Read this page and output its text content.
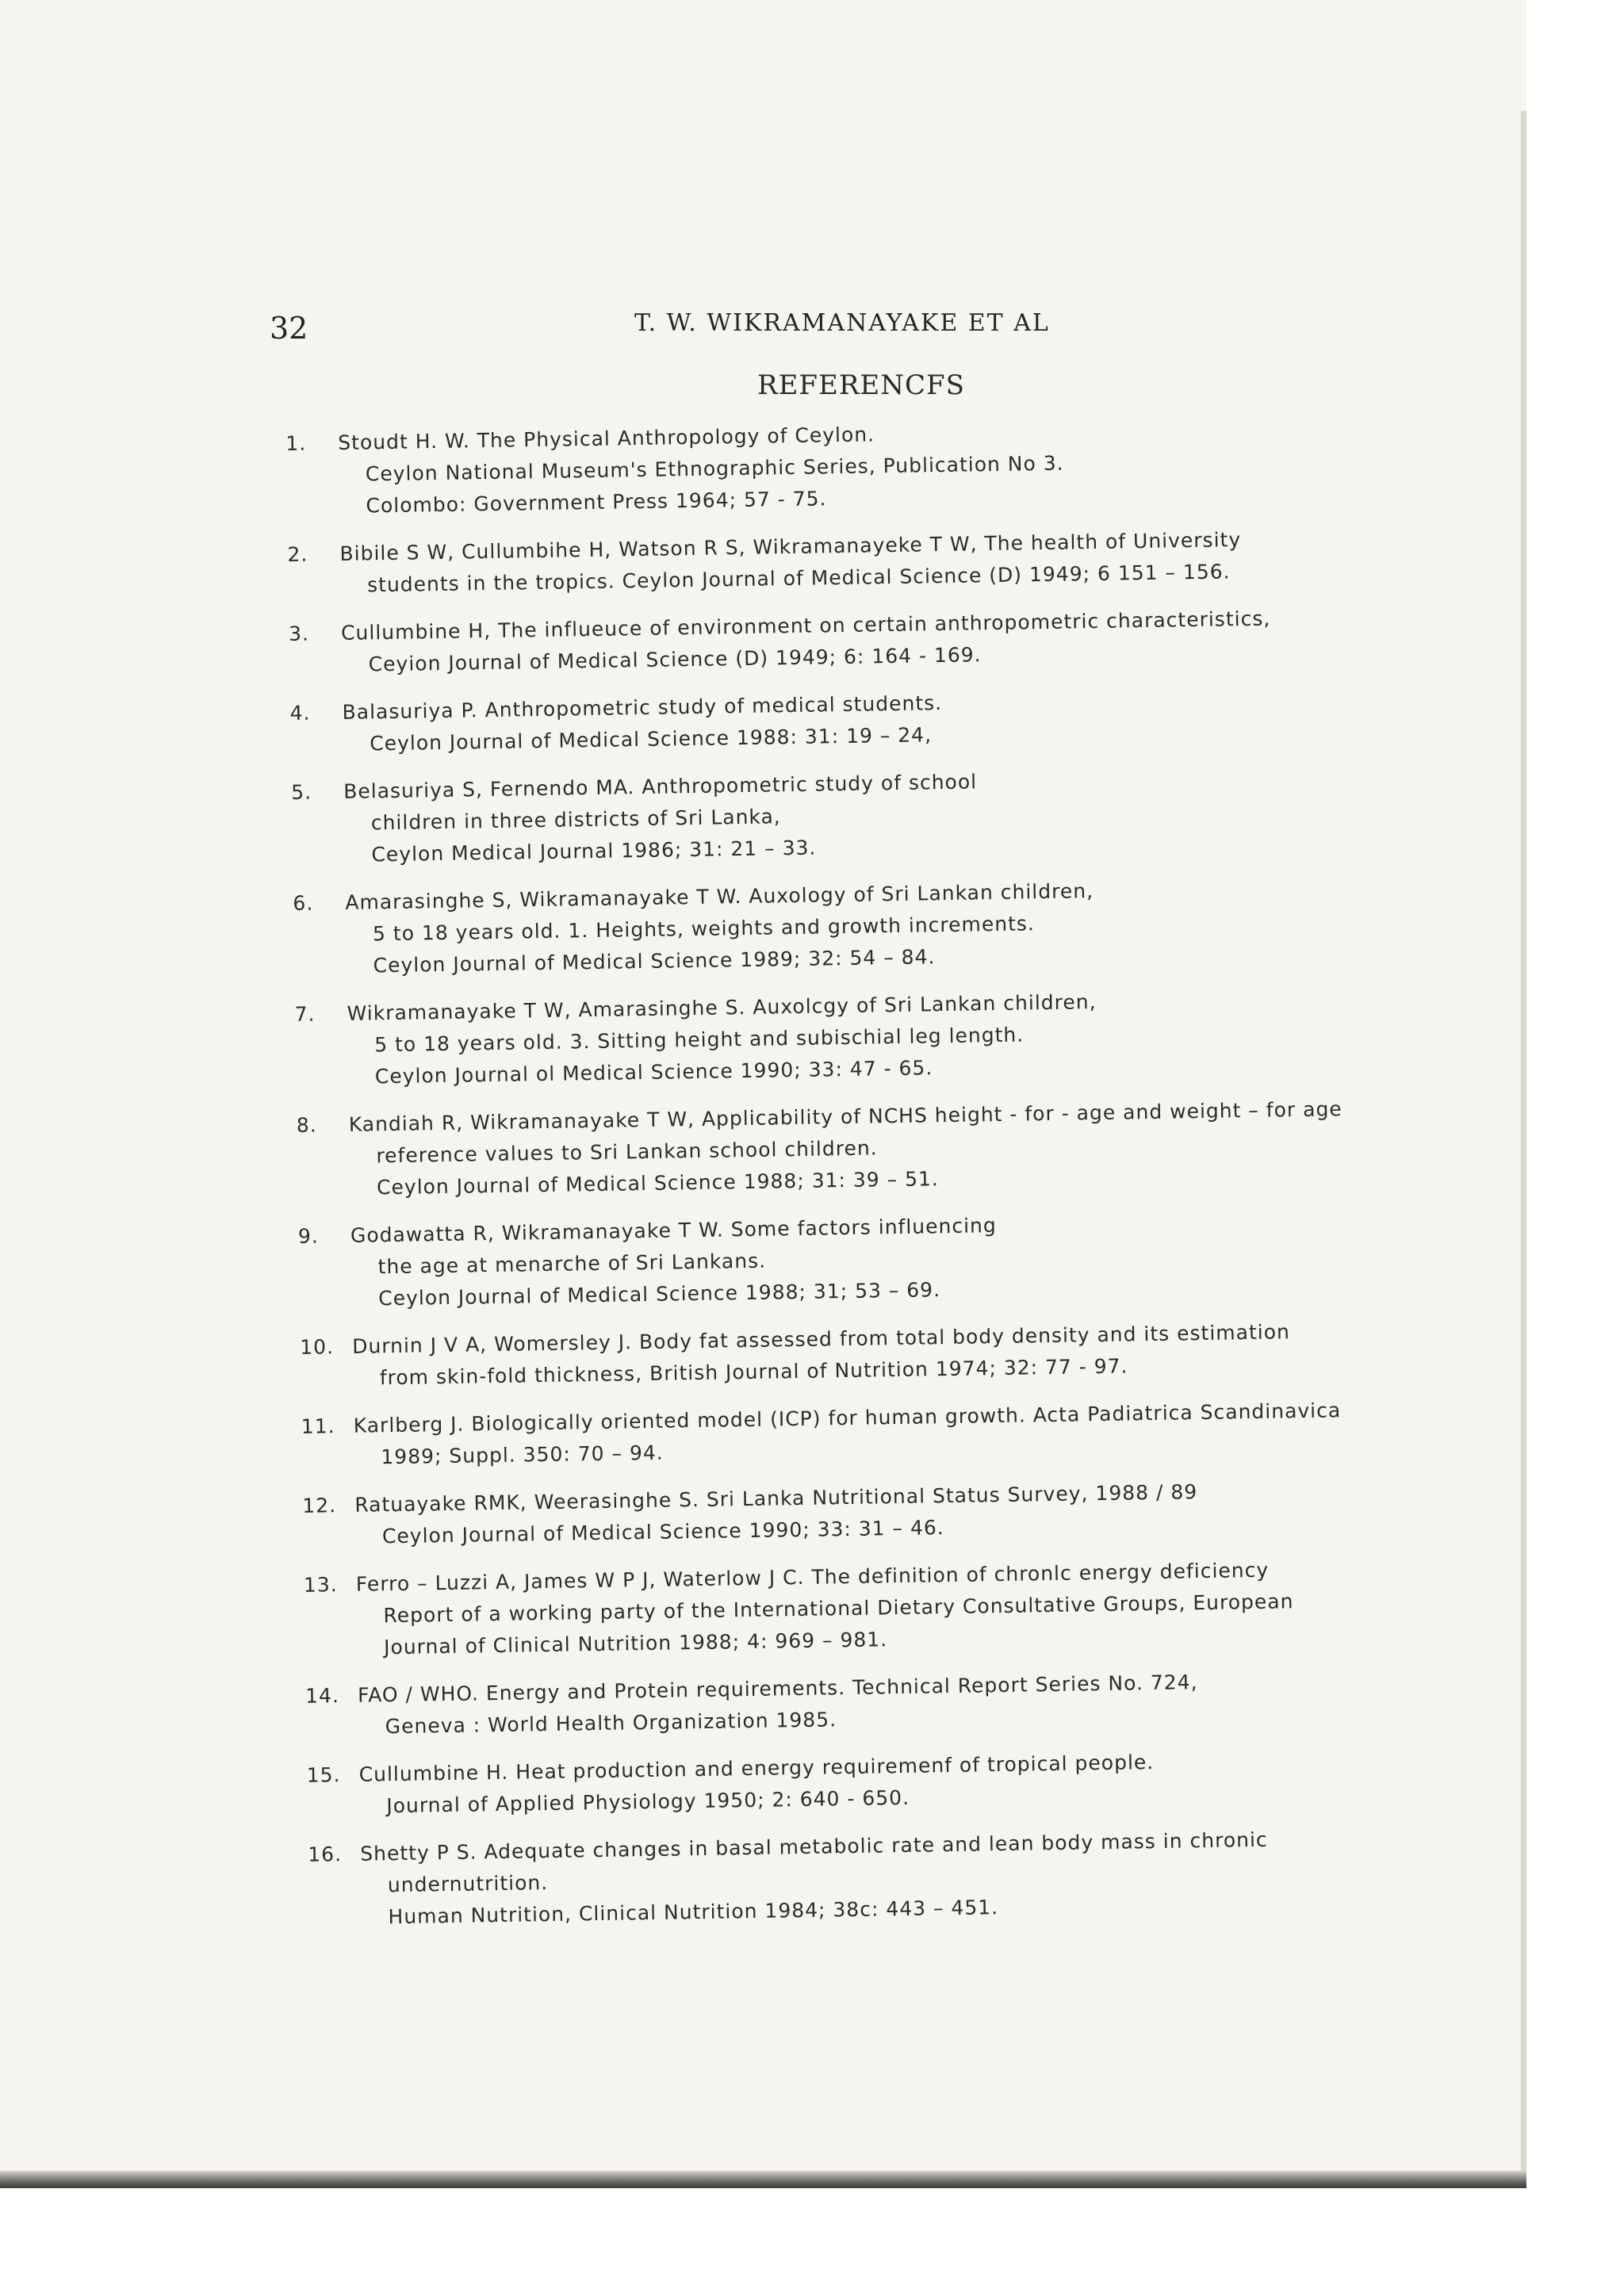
32	T. W. WIKRAMANAYAKE ET AL
REFERENCFS
1. Stoudt H. W. The Physical Anthropology of Ceylon.
Ceylon National Museum's Ethnographic Series, Publication No 3.
Colombo: Government Press 1964; 57 - 75.
2. Bibile S W, Cullumbihe H, Watson R S, Wikramanayeke T W, The health of University
students in the tropics. Ceylon Journal of Medical Science (D) 1949; 6 151 – 156.
3. Cullumbine H, The influeuce of environment on certain anthropometric characteristics,
Ceyion Journal of Medical Science (D) 1949; 6: 164 - 169.
4. Balasuriya P. Anthropometric study of medical students.
Ceylon Journal of Medical Science 1988: 31: 19 – 24,
5. Belasuriya S, Fernendo MA. Anthropometric study of school
children in three districts of Sri Lanka,
Ceylon Medical Journal 1986; 31: 21 – 33.
6. Amarasinghe S, Wikramanayake T W. Auxology of Sri Lankan children,
5 to 18 years old. 1. Heights, weights and growth increments.
Ceylon Journal of Medical Science 1989; 32: 54 – 84.
7. Wikramanayake T W, Amarasinghe S. Auxolcgy of Sri Lankan children,
5 to 18 years old. 3. Sitting height and subischial leg length.
Ceylon Journal ol Medical Science 1990; 33: 47 - 65.
8. Kandiah R, Wikramanayake T W, Applicability of NCHS height - for - age and weight – for age
reference values to Sri Lankan school children.
Ceylon Journal of Medical Science 1988; 31: 39 – 51.
9. Godawatta R, Wikramanayake T W. Some factors influencing
the age at menarche of Sri Lankans.
Ceylon Journal of Medical Science 1988; 31; 53 – 69.
10. Durnin J V A, Womersley J. Body fat assessed from total body density and its estimation
from skin-fold thickness, British Journal of Nutrition 1974; 32: 77 - 97.
11. Karlberg J. Biologically oriented model (ICP) for human growth. Acta Padiatrica Scandinavica
1989; Suppl. 350: 70 – 94.
12. Ratuayake RMK, Weerasinghe S. Sri Lanka Nutritional Status Survey, 1988 / 89
Ceylon Journal of Medical Science 1990; 33: 31 – 46.
13. Ferro – Luzzi A, James W P J, Waterlow J C. The definition of chronlc energy deficiency
Report of a working party of the International Dietary Consultative Groups, European
Journal of Clinical Nutrition 1988; 4: 969 – 981.
14. FAO / WHO. Energy and Protein requirements. Technical Report Series No. 724,
Geneva : World Health Organization 1985.
15. Cullumbine H. Heat production and energy requiremenf of tropical people.
Journal of Applied Physiology 1950; 2: 640 - 650.
16. Shetty P S. Adequate changes in basal metabolic rate and lean body mass in chronic
undernutrition.
Human Nutrition, Clinical Nutrition 1984; 38c: 443 – 451.
